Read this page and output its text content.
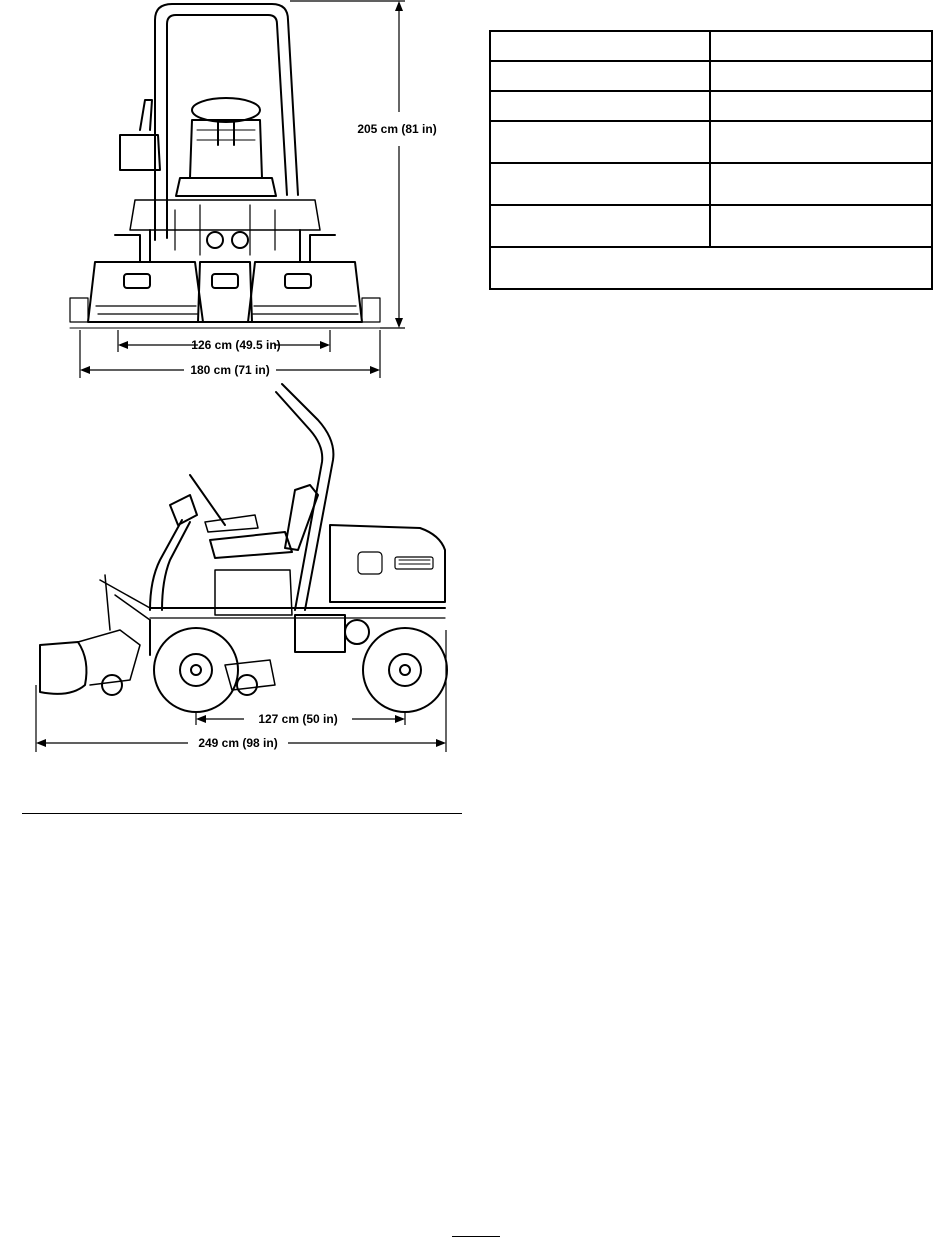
205 cm (81 in)
126 cm (49.5 in)
180 cm (71 in)
127 cm (50 in)
249 cm (98 in)
